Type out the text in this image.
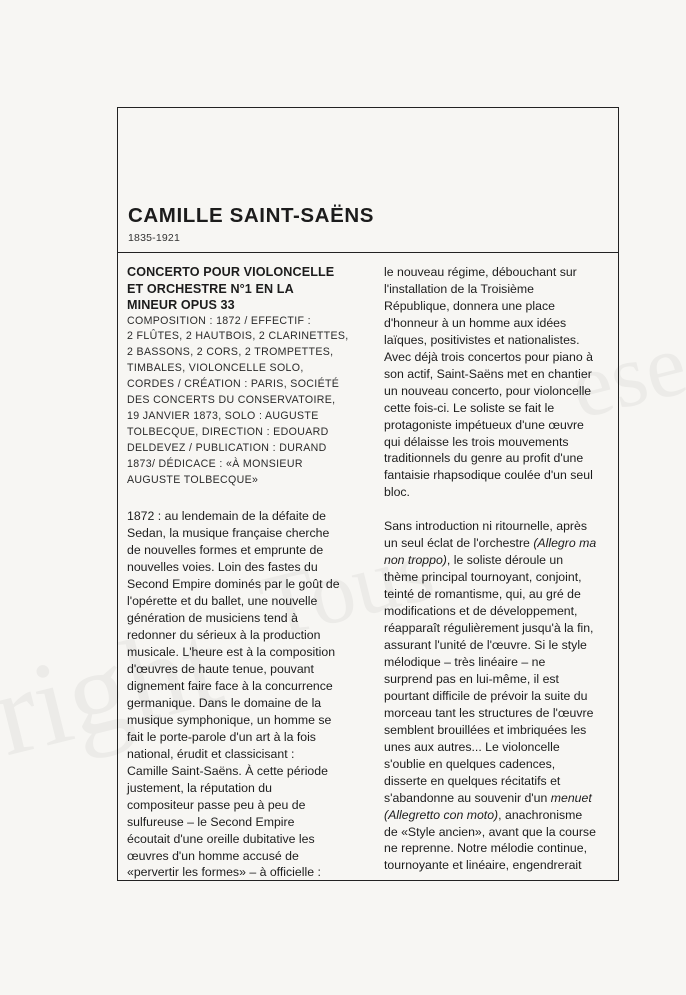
CAMILLE SAINT-SAËNS
1835-1921
CONCERTO POUR VIOLONCELLE
ET ORCHESTRE N°1 EN LA
MINEUR OPUS 33

COMPOSITION : 1872 / EFFECTIF :
2 FLÛTES, 2 HAUTBOIS, 2 CLARINETTES,
2 BASSONS, 2 CORS, 2 TROMPETTES,
TIMBALES, VIOLONCELLE SOLO,
CORDES / CRÉATION : PARIS, SOCIÉTÉ
DES CONCERTS DU CONSERVATOIRE,
19 JANVIER 1873, SOLO : AUGUSTE
TOLBECQUE, DIRECTION : EDOUARD
DELDEVEZ / PUBLICATION : DURAND
1873/ DÉDICACE : «À MONSIEUR
AUGUSTE TOLBECQUE»

1872 : au lendemain de la défaite de
Sedan, la musique française cherche
de nouvelles formes et emprunte de
nouvelles voies. Loin des fastes du
Second Empire dominés par le goût de
l'opérette et du ballet, une nouvelle
génération de musiciens tend à
redonner du sérieux à la production
musicale. L'heure est à la composition
d'œuvres de haute tenue, pouvant
dignement faire face à la concurrence
germanique. Dans le domaine de la
musique symphonique, un homme se
fait le porte-parole d'un art à la fois
national, érudit et classicisant :
Camille Saint-Saëns. À cette période
justement, la réputation du
compositeur passe peu à peu de
sulfureuse – le Second Empire
écoutait d'une oreille dubitative les
œuvres d'un homme accusé de
«pervertir les formes» – à officielle :

le nouveau régime, débouchant sur
l'installation de la Troisième
République, donnera une place
d'honneur à un homme aux idées
laïques, positivistes et nationalistes.
Avec déjà trois concertos pour piano à
son actif, Saint-Saëns met en chantier
un nouveau concerto, pour violoncelle
cette fois-ci. Le soliste se fait le
protagoniste impétueux d'une œuvre
qui délaisse les trois mouvements
traditionnels du genre au profit d'une
fantaisie rhapsodique coulée d'un seul
bloc.

Sans introduction ni ritournelle, après
un seul éclat de l'orchestre (Allegro ma
non troppo), le soliste déroule un
thème principal tournoyant, conjoint,
teinté de romantisme, qui, au gré de
modifications et de développement,
réapparaît régulièrement jusqu'à la fin,
assurant l'unité de l'œuvre. Si le style
mélodique – très linéaire – ne
surprend pas en lui-même, il est
pourtant difficile de prévoir la suite du
morceau tant les structures de l'œuvre
semblent brouillées et imbriquées les
unes aux autres... Le violoncelle
s'oublie en quelques cadences,
disserte en quelques récitatifs et
s'abandonne au souvenir d'un menuet
(Allegretto con moto), anachronisme
de «Style ancien», avant que la course
ne reprenne. Notre mélodie continue,
tournoyante et linéaire, engendrerait
